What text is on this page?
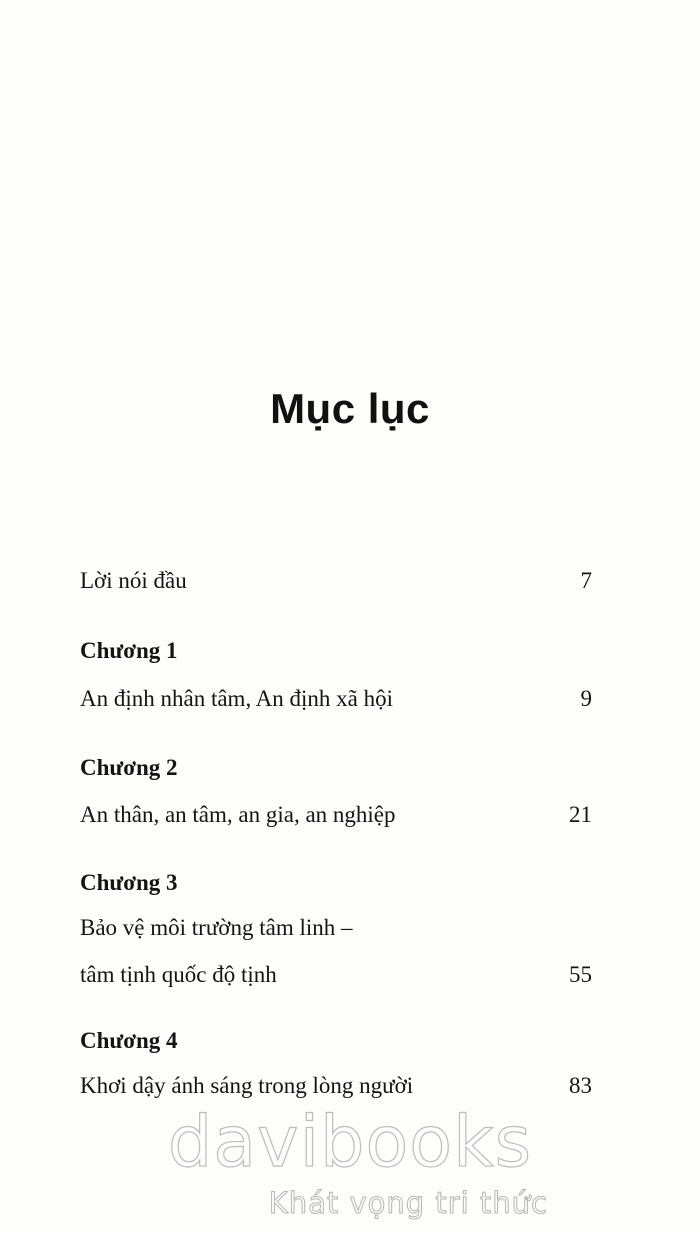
Mục lục
Lời nói đầu	7
Chương 1
An định nhân tâm, An định xã hội	9
Chương 2
An thân, an tâm, an gia, an nghiệp	21
Chương 3
Bảo vệ môi trường tâm linh –
tâm tịnh quốc độ tịnh	55
Chương 4
Khơi dậy ánh sáng trong lòng người	83
davibooks
Khát vọng tri thức
